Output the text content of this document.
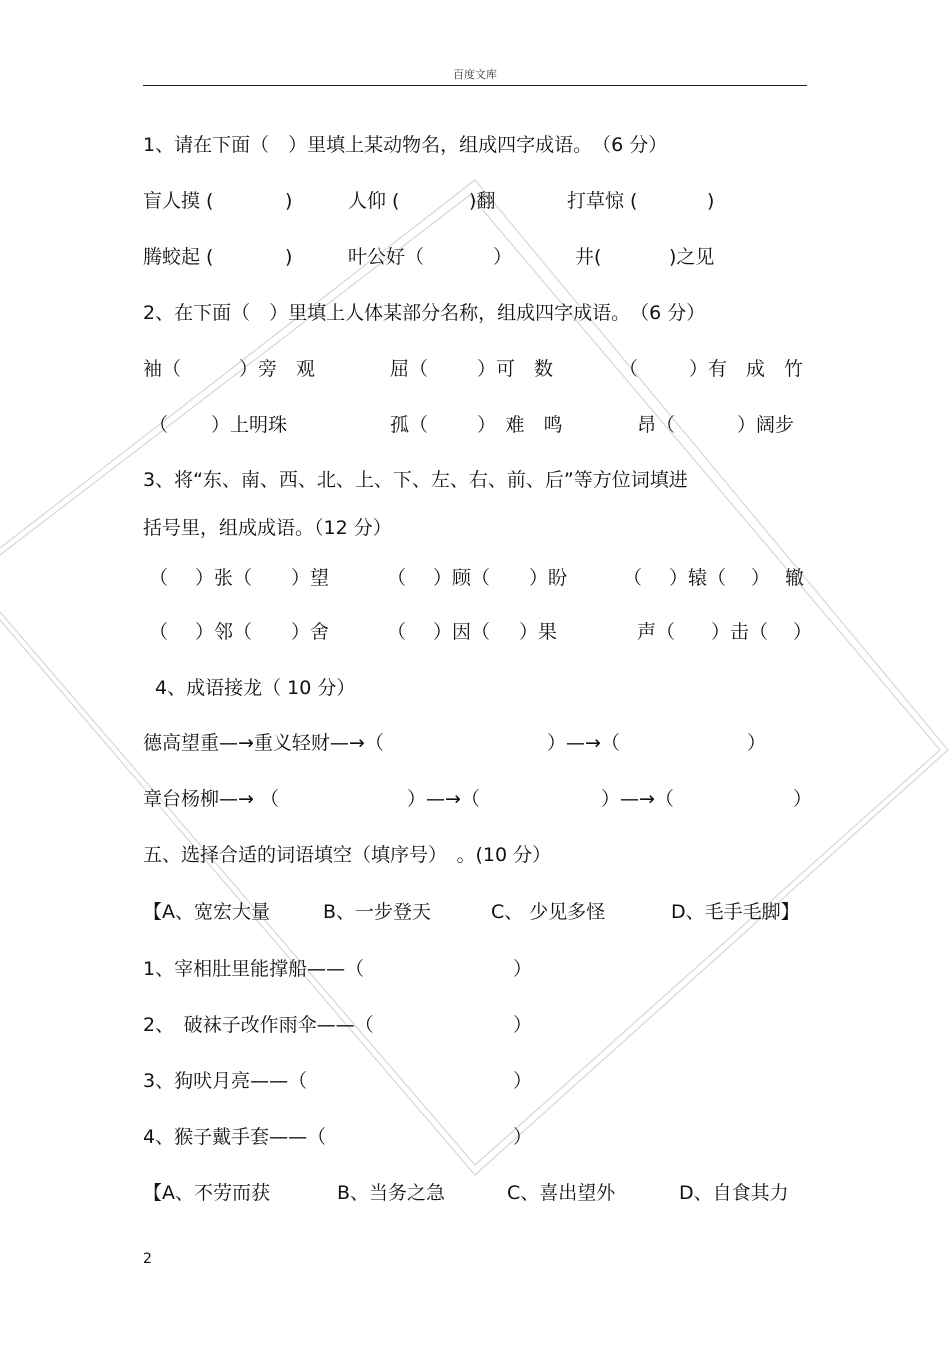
百度文库
1、请在下面（　）里填上某动物名，组成四字成语。　（6 分）
盲人摸 (	)	人仰 (	)翻	打草惊 (	)
腾蛟起 (	)	叶公好（	）	井(	)之见
2、在下面（　）里填上人体某部分名称，组成四字成语。　（6 分）
袖（	）旁　观	屈（	）可　数	（	）有　成　竹
（ ）上明珠	孤（	）　难　鸣	昂（	）阔步
3、将“东、南、西、北、上、下、左、右、前、后”等方位词填进
括号里，组成成语。（12 分）
（ ）张（ ）望	（ ）顾（ ）盼	（ ）辕（ ） 辙
（ ）邻（ ）舍	（ ）因（ ）果	声（ ）击（ ）
4、成语接龙（ 10 分）
德高望重—→重义轻财—→（	）—→（	）
章台杨柳—→ （	）—→（	）—→（	）
五、选择合适的词语填空（填序号）　。(10 分）
【A、宽宏大量	B、一步登天	C、 少见多怪	D、毛手毛脚】
1、宰相肚里能撑船——（	）
2、　破袜子改作雨伞——（	）
3、狗吠月亮——（	）
4、猴子戴手套——（	）
【A、不劳而获	B、当务之急	C、喜出望外	D、自食其力
2
